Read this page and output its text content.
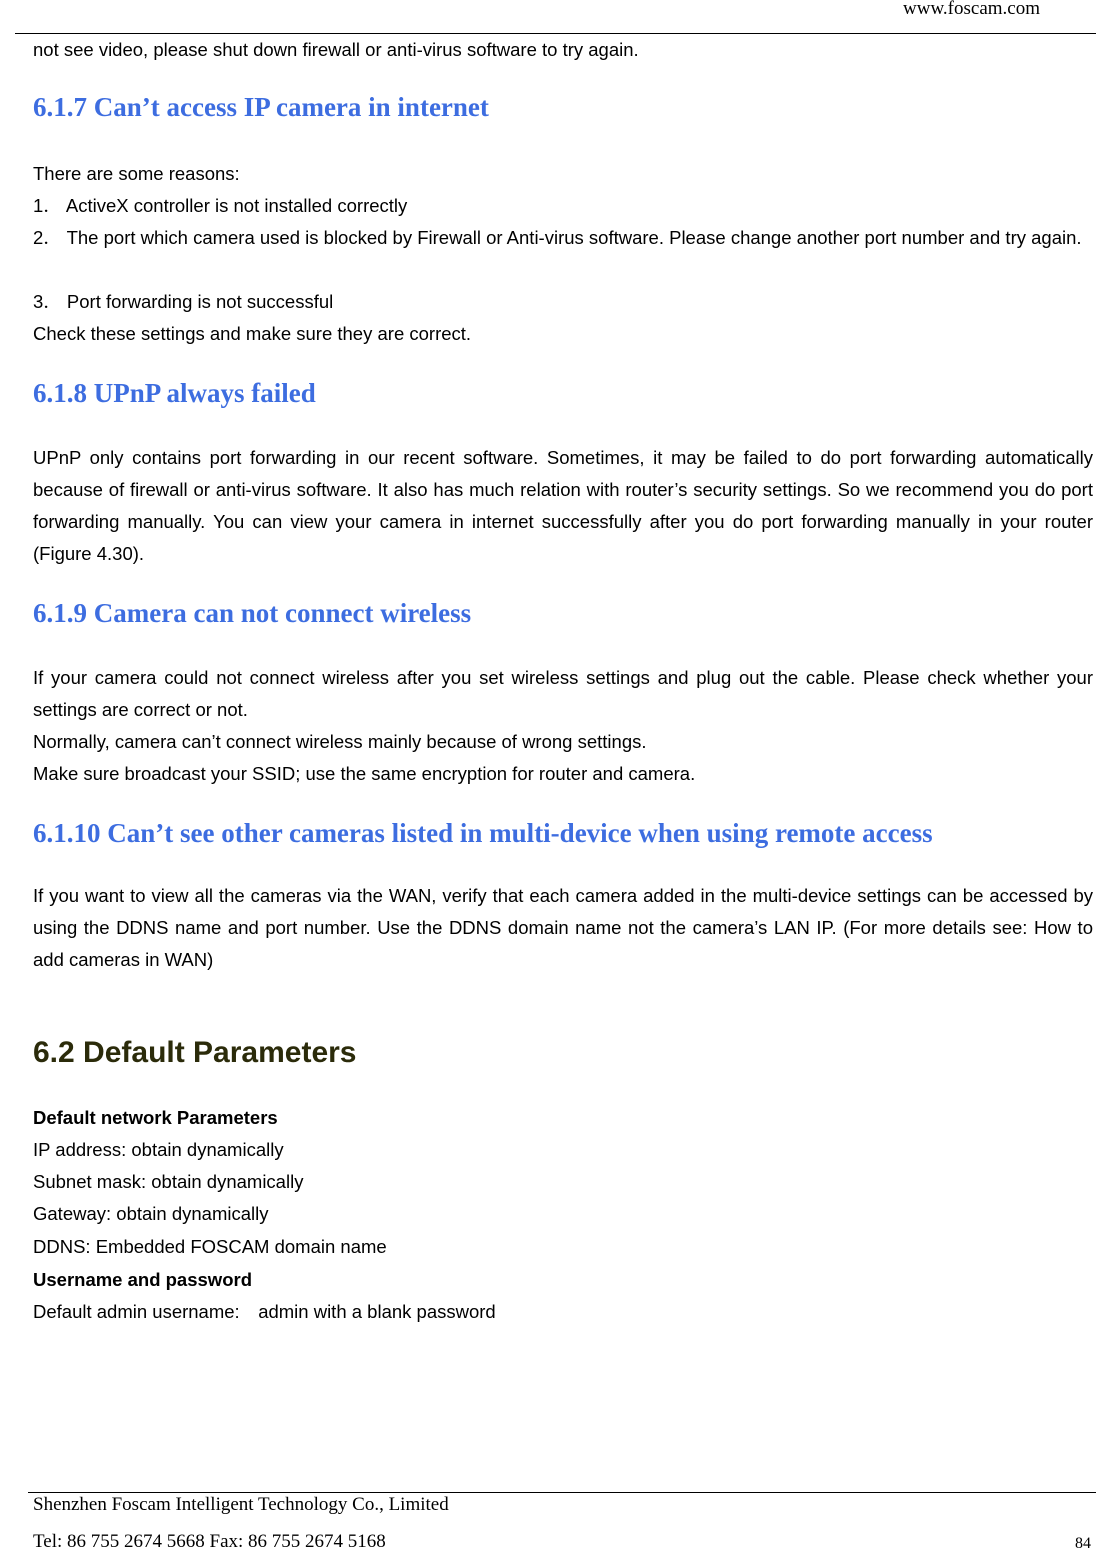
www.foscam.com
not see video, please shut down firewall or anti-virus software to try again.
6.1.7 Can’t access IP camera in internet
There are some reasons:
1． ActiveX controller is not installed correctly
2． The port which camera used is blocked by Firewall or Anti-virus software. Please change another port number and try again.
3． Port forwarding is not successful
Check these settings and make sure they are correct.
6.1.8 UPnP always failed
UPnP only contains port forwarding in our recent software. Sometimes, it may be failed to do port forwarding automatically because of firewall or anti-virus software. It also has much relation with router’s security settings. So we recommend you do port forwarding manually. You can view your camera in internet successfully after you do port forwarding manually in your router (Figure 4.30).
6.1.9 Camera can not connect wireless
If your camera could not connect wireless after you set wireless settings and plug out the cable. Please check whether your settings are correct or not.
Normally, camera can’t connect wireless mainly because of wrong settings.
Make sure broadcast your SSID; use the same encryption for router and camera.
6.1.10 Can’t see other cameras listed in multi-device when using remote access
If you want to view all the cameras via the WAN, verify that each camera added in the multi-device settings can be accessed by using the DDNS name and port number. Use the DDNS domain name not the camera’s LAN IP. (For more details see: How to add cameras in WAN)
6.2 Default Parameters
Default network Parameters
IP address: obtain dynamically
Subnet mask: obtain dynamically
Gateway: obtain dynamically
DDNS: Embedded FOSCAM domain name
Username and password
Default admin username:　admin with a blank password
Shenzhen Foscam Intelligent Technology Co., Limited
Tel: 86 755 2674 5668 Fax: 86 755 2674 5168	84
